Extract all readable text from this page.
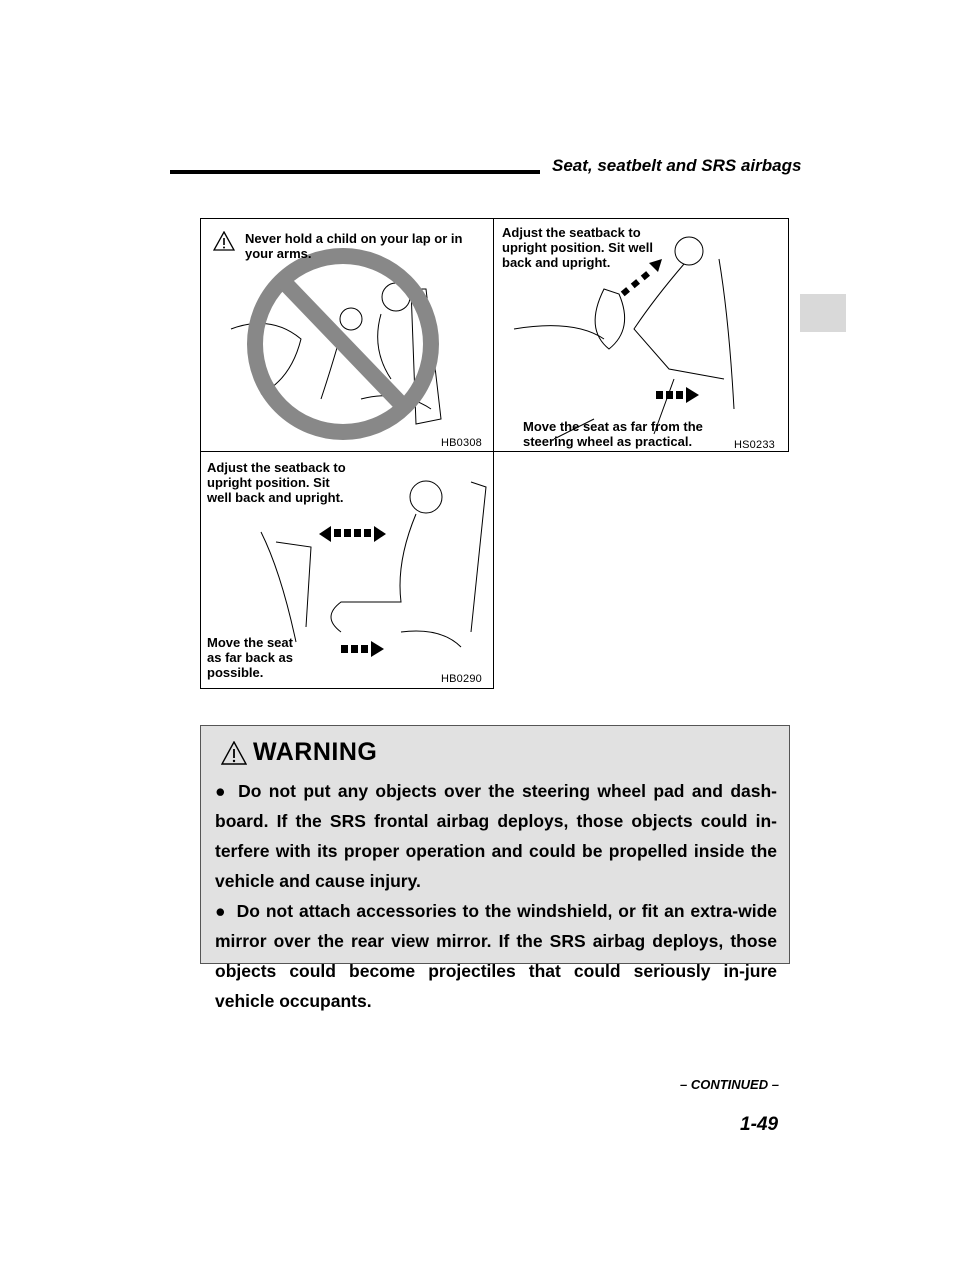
Seat, seatbelt and SRS airbags
Never hold a child on your lap or in your arms.
HB0308
Adjust the seatback to upright position. Sit well back and upright.
Move the seat as far from the steering wheel as practical.	HS0233
Adjust the seatback to upright position. Sit well back and upright.
Move the seat as far back as possible.	HB0290
WARNING

● Do not put any objects over the steering wheel pad and dash-board. If the SRS frontal airbag deploys, those objects could in-terfere with its proper operation and could be propelled inside the vehicle and cause injury.

● Do not attach accessories to the windshield, or fit an extra-wide mirror over the rear view mirror. If the SRS airbag deploys, those objects could become projectiles that could seriously in-jure vehicle occupants.

– CONTINUED –
1-49
